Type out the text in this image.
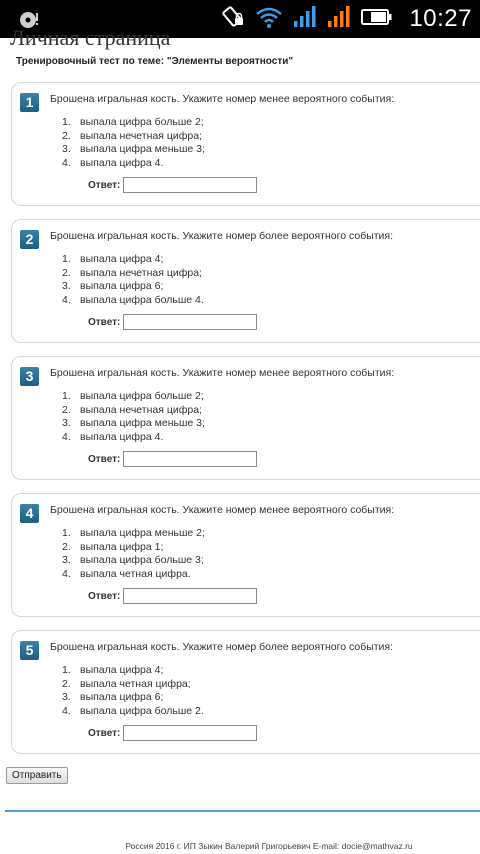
10:27
Личная страница
Тренировочный тест по теме: "Элементы вероятности"
1	Брошена игральная кость. Укажите номер менее вероятного события:
1. выпала цифра больше 2;
2. выпала нечетная цифра;
3. выпала цифра меньше 3;
4. выпала цифра 4.
Ответ:
2	Брошена игральная кость. Укажите номер более вероятного события:
1. выпала цифра 4;
2. выпала нечетная цифра;
3. выпала цифра 6;
4. выпала цифра больше 4.
Ответ:
3	Брошена игральная кость. Укажите номер менее вероятного события:
1. выпала цифра больше 2;
2. выпала нечетная цифра;
3. выпала цифра меньше 3;
4. выпала цифра 4.
Ответ:
4	Брошена игральная кость. Укажите номер менее вероятного события:
1. выпала цифра меньше 2;
2. выпала цифра 1;
3. выпала цифра больше 3;
4. выпала четная цифра.
Ответ:
5	Брошена игральная кость. Укажите номер более вероятного события:
1. выпала цифра 4;
2. выпала четная цифра;
3. выпала цифра 6;
4. выпала цифра больше 2.
Ответ:
Отправить
Россия 2016 г. ИП Зыкин Валерий Григорьевич E-mail: docie@mathvaz.ru
